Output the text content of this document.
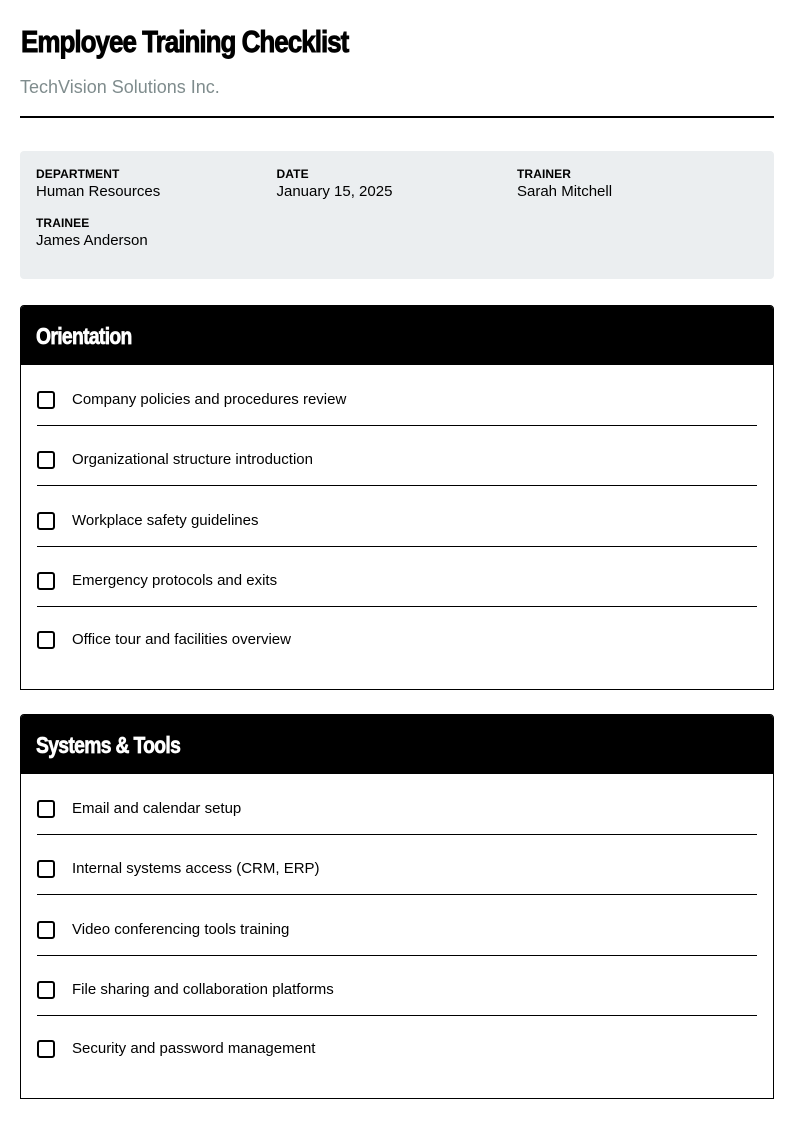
Employee Training Checklist
TechVision Solutions Inc.
DEPARTMENT
Human Resources
DATE
January 15, 2025
TRAINER
Sarah Mitchell
TRAINEE
James Anderson
Orientation
Company policies and procedures review
Organizational structure introduction
Workplace safety guidelines
Emergency protocols and exits
Office tour and facilities overview
Systems & Tools
Email and calendar setup
Internal systems access (CRM, ERP)
Video conferencing tools training
File sharing and collaboration platforms
Security and password management
